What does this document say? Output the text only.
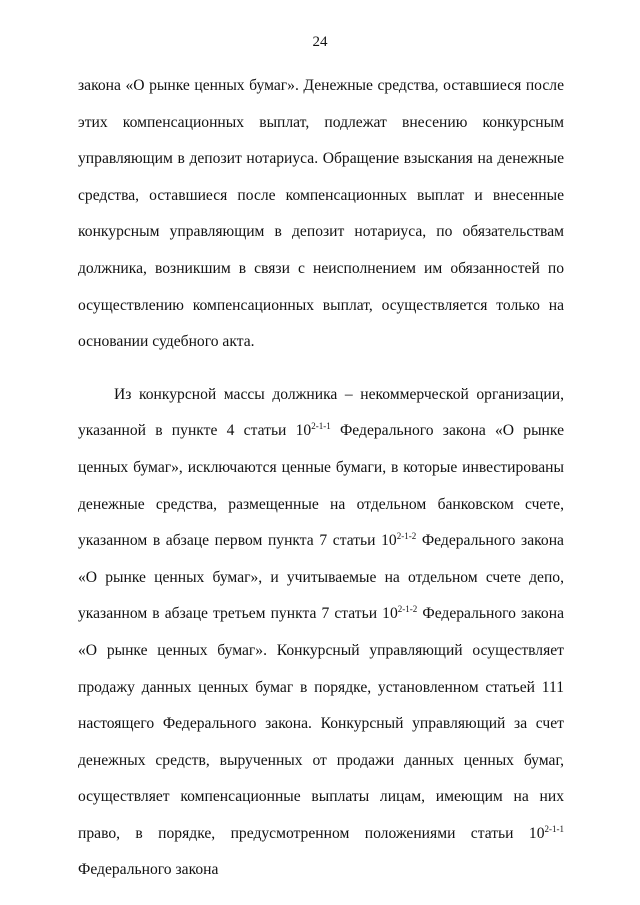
24

закона «О рынке ценных бумаг». Денежные средства, оставшиеся после этих компенсационных выплат, подлежат внесению конкурсным управляющим в депозит нотариуса. Обращение взыскания на денежные средства, оставшиеся после компенсационных выплат и внесенные конкурсным управляющим в депозит нотариуса, по обязательствам должника, возникшим в связи с неисполнением им обязанностей по осуществлению компенсационных выплат, осуществляется только на основании судебного акта.

Из конкурсной массы должника – некоммерческой организации, указанной в пункте 4 статьи 10$^{2-1-1}$ Федерального закона «О рынке ценных бумаг», исключаются ценные бумаги, в которые инвестированы денежные средства, размещенные на отдельном банковском счете, указанном в абзаце первом пункта 7 статьи 10$^{2-1-2}$ Федерального закона «О рынке ценных бумаг», и учитываемые на отдельном счете депо, указанном в абзаце третьем пункта 7 статьи 10$^{2-1-2}$ Федерального закона «О рынке ценных бумаг». Конкурсный управляющий осуществляет продажу данных ценных бумаг в порядке, установленном статьей 111 настоящего Федерального закона. Конкурсный управляющий за счет денежных средств, вырученных от продажи данных ценных бумаг, осуществляет компенсационные выплаты лицам, имеющим на них право, в порядке, предусмотренном положениями статьи 10$^{2-1-1}$ Федерального закона
